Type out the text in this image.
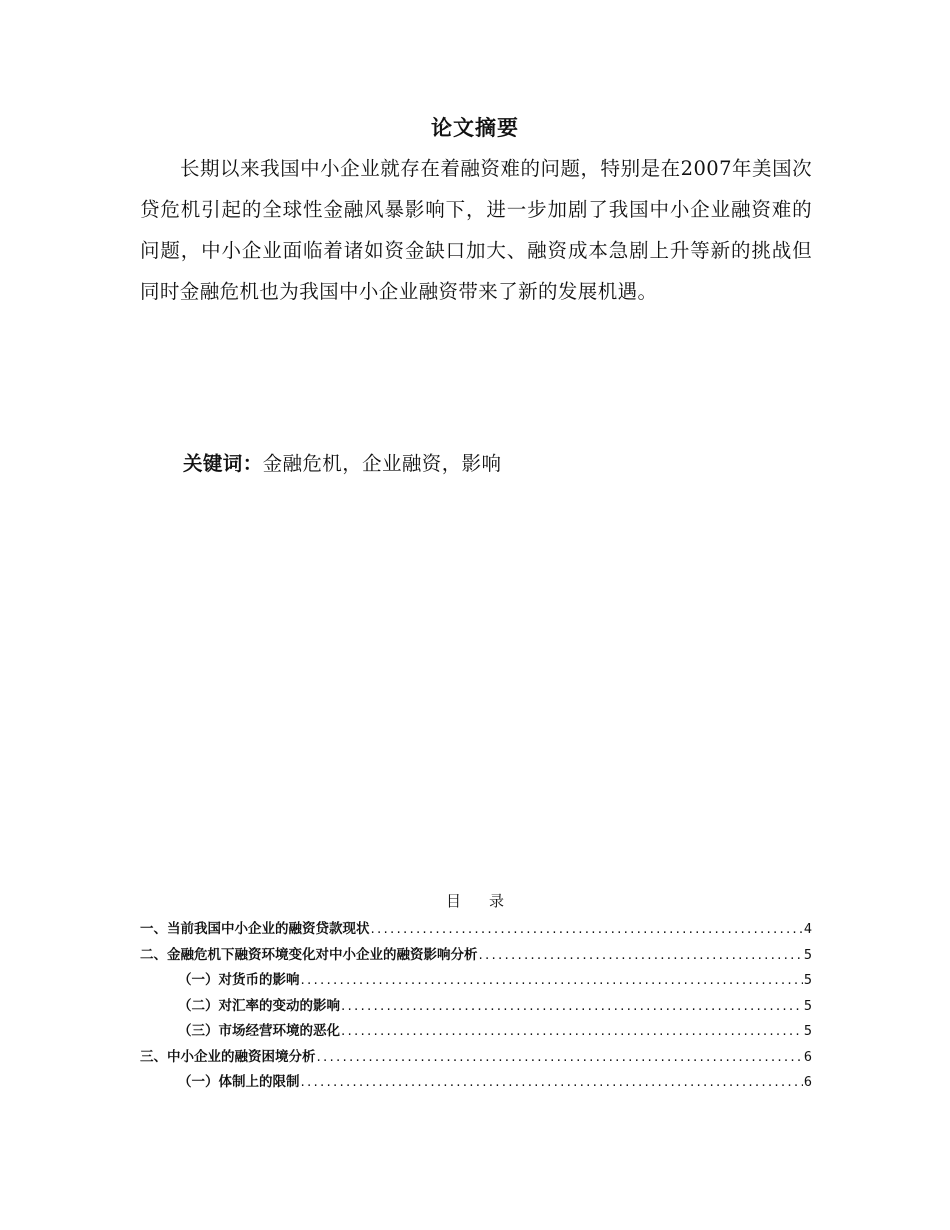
论文摘要

长期以来我国中小企业就存在着融资难的问题，特别是在2007年美国次贷危机引起的全球性金融风暴影响下，进一步加剧了我国中小企业融资难的问题，中小企业面临着诸如资金缺口加大、融资成本急剧上升等新的挑战但同时金融危机也为我国中小企业融资带来了新的发展机遇。

关键词：金融危机，企业融资，影响
目录
一、当前我国中小企业的融资贷款现状 .....	4
二、金融危机下融资环境变化对中小企业的融资影响分析 .....	5
（一）对货币的影响 .....	5
（二）对汇率的变动的影响 .....	5
（三）市场经营环境的恶化 .....	5
三、中小企业的融资困境分析 .....	6
（一）体制上的限制 .....	6
